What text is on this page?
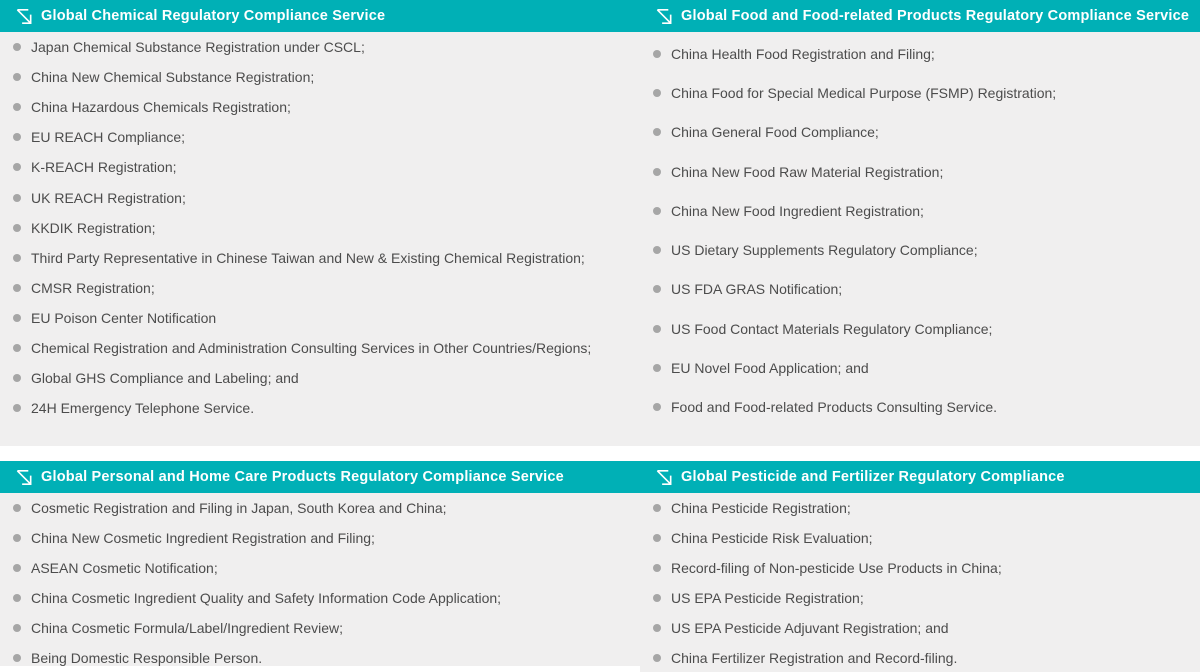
Global Chemical Regulatory Compliance Service
Japan Chemical Substance Registration under CSCL;
China New Chemical Substance Registration;
China Hazardous Chemicals Registration;
EU REACH Compliance;
K-REACH Registration;
UK REACH Registration;
KKDIK Registration;
Third Party Representative in Chinese Taiwan and New & Existing Chemical Registration;
CMSR Registration;
EU Poison Center Notification
Chemical Registration and Administration Consulting Services in Other Countries/Regions;
Global GHS Compliance and Labeling; and
24H Emergency Telephone Service.
Global Food and Food-related Products Regulatory Compliance Service
China Health Food Registration and Filing;
China Food for Special Medical Purpose (FSMP) Registration;
China General Food Compliance;
China New Food Raw Material Registration;
China New Food Ingredient Registration;
US Dietary Supplements Regulatory Compliance;
US FDA GRAS Notification;
US Food Contact Materials Regulatory Compliance;
EU Novel Food Application; and
Food and Food-related Products Consulting Service.
Global Personal and Home Care Products Regulatory Compliance Service
Cosmetic Registration and Filing in Japan, South Korea and China;
China New Cosmetic Ingredient Registration and Filing;
ASEAN Cosmetic Notification;
China Cosmetic Ingredient Quality and Safety Information Code Application;
China Cosmetic Formula/Label/Ingredient Review;
Being Domestic Responsible Person.
Global Pesticide and Fertilizer Regulatory Compliance
China Pesticide Registration;
China Pesticide Risk Evaluation;
Record-filing of Non-pesticide Use Products in China;
US EPA Pesticide Registration;
US EPA Pesticide Adjuvant Registration; and
China Fertilizer Registration and Record-filing.
